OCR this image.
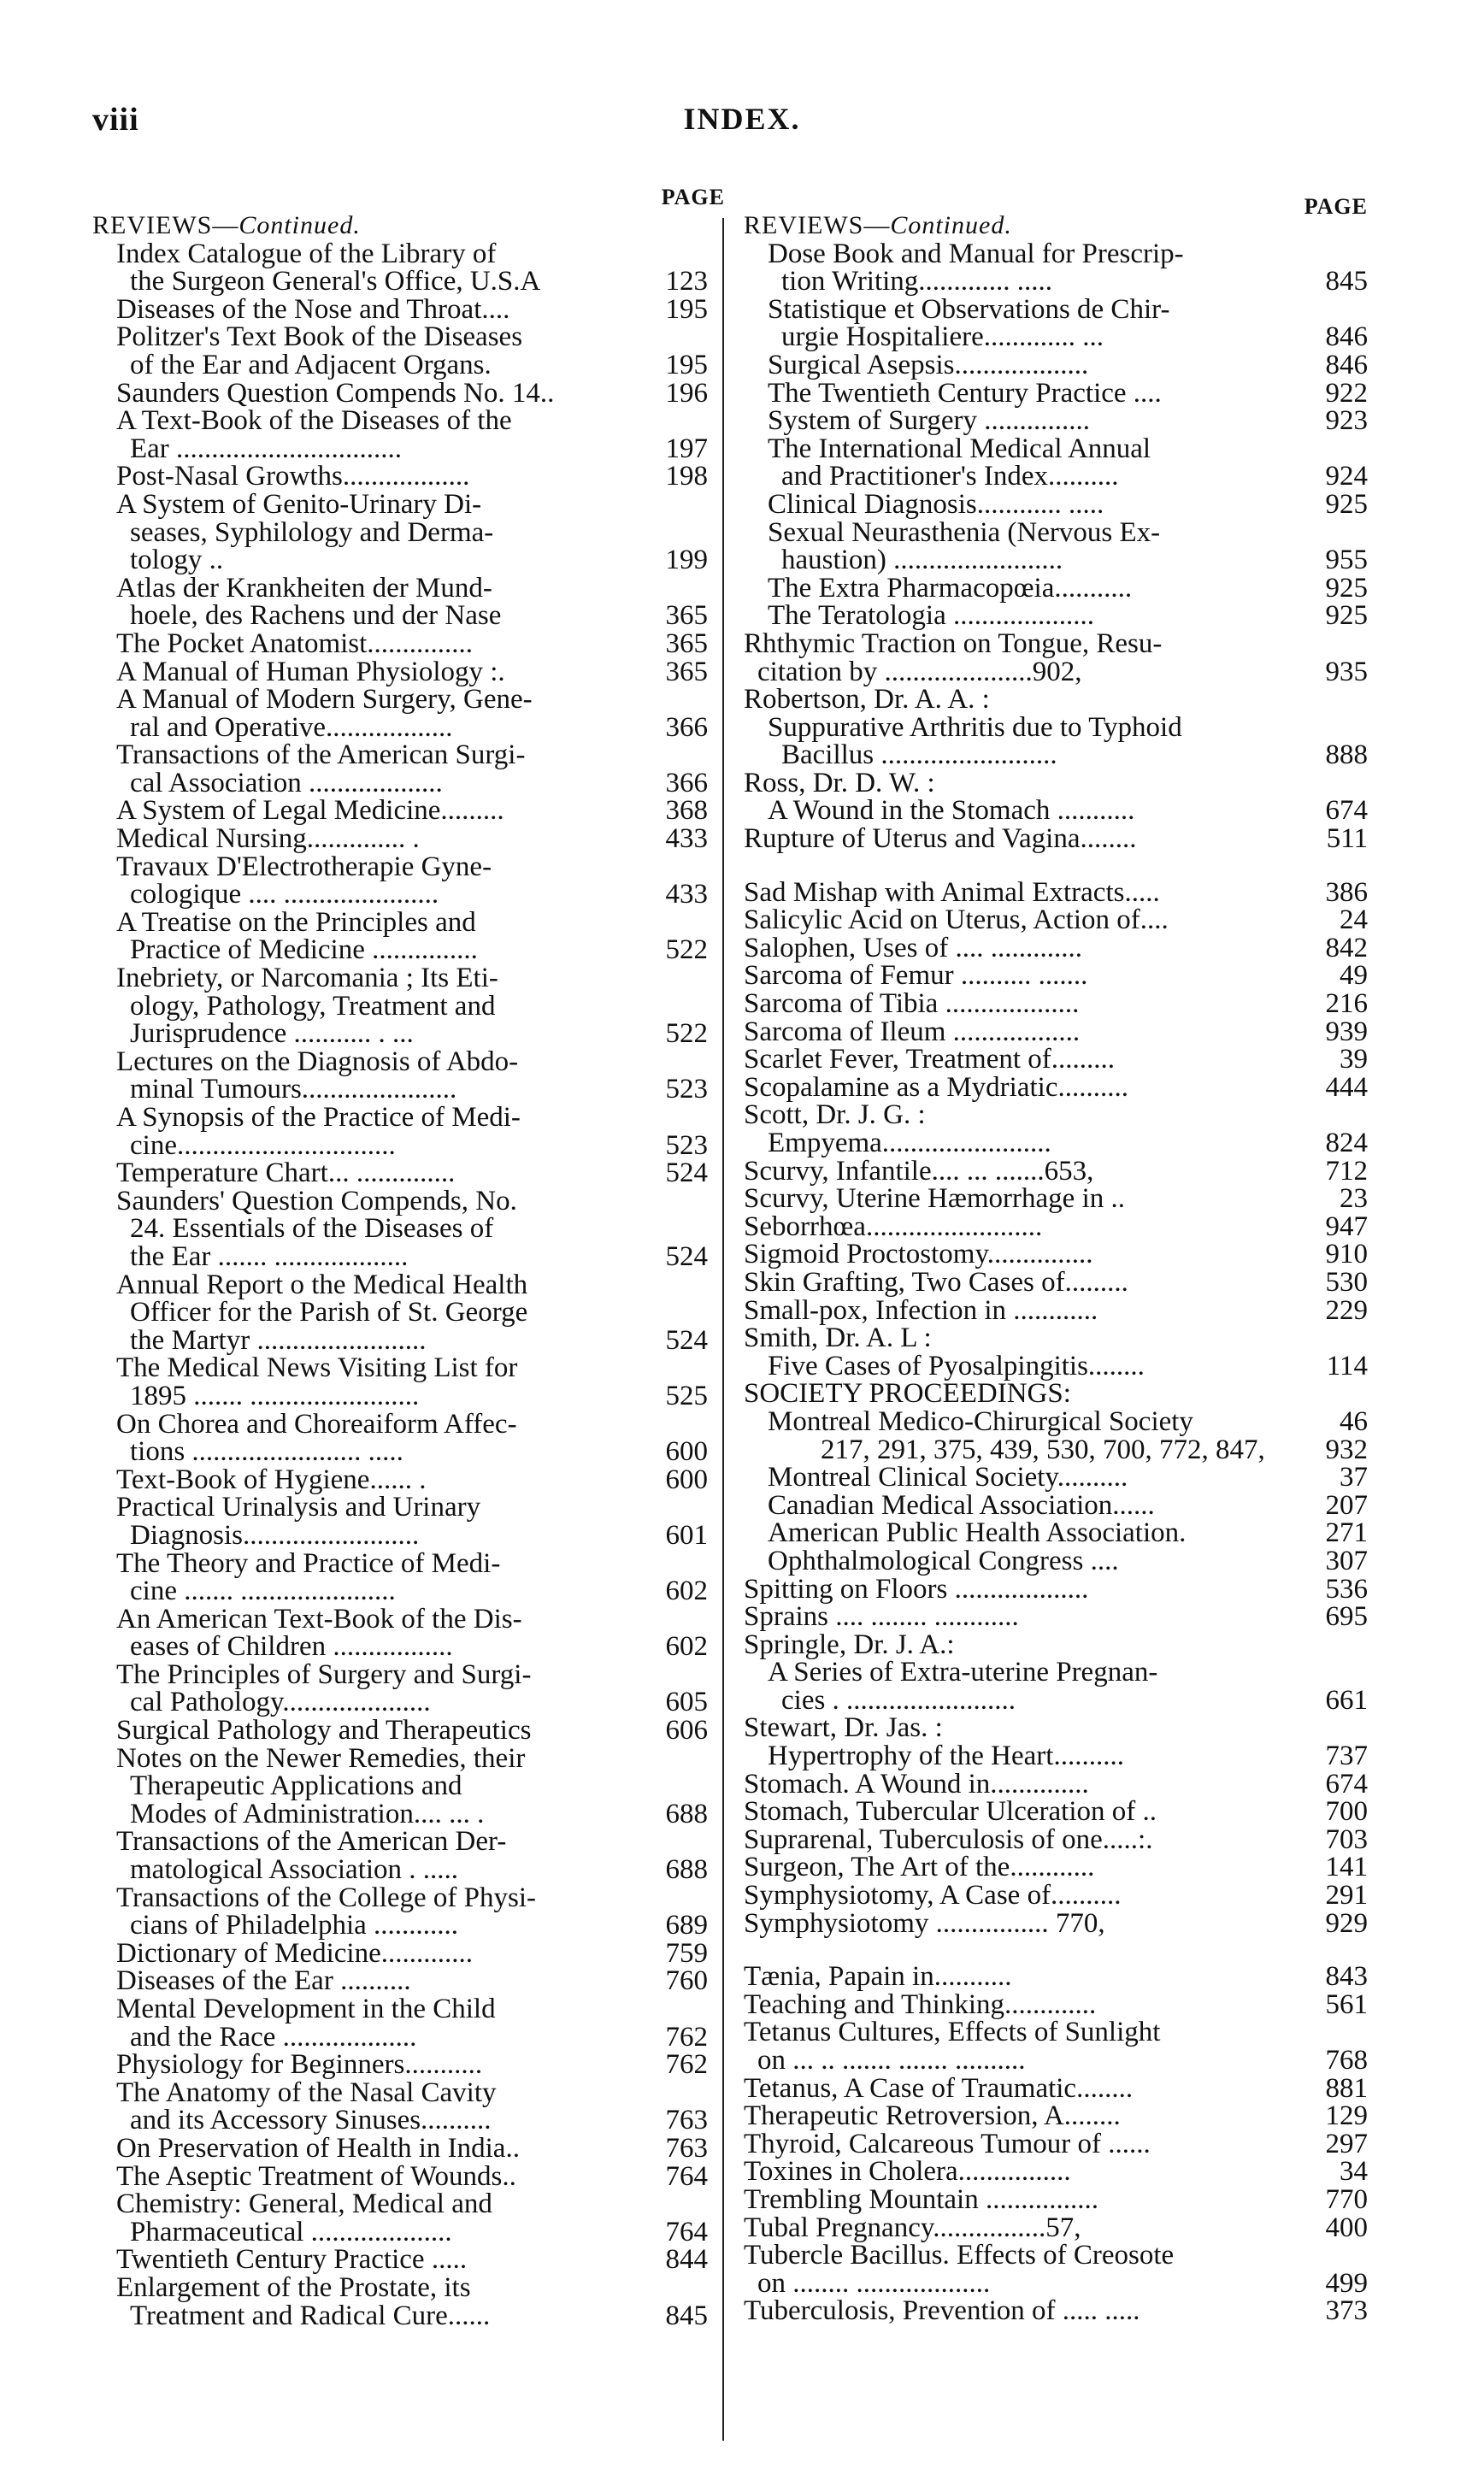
viii	INDEX.
PAGE
REVIEWS—Continued.
Index Catalogue of the Library of
the Surgeon General's Office, U.S.A	123
Diseases of the Nose and Throat....	195
Politzer's Text Book of the Diseases
of the Ear and Adjacent Organs.	195
Saunders Question Compends No. 14..	196
A Text-Book of the Diseases of the
Ear ................................	197
Post-Nasal Growths..................	198
A System of Genito-Urinary Di-
seases, Syphilology and Derma-
tology ..	199
Atlas der Krankheiten der Mund-
hoele, des Rachens und der Nase	365
The Pocket Anatomist...............	365
A Manual of Human Physiology :.	365
A Manual of Modern Surgery, Gene-
ral and Operative..................	366
Transactions of the American Surgi-
cal Association ...................	366
A System of Legal Medicine.........	368
Medical Nursing.............. .	433
Travaux D'Electrotherapie Gyne-
cologique .... ......................	433
A Treatise on the Principles and
Practice of Medicine ...............	522
Inebriety, or Narcomania ; Its Eti-
ology, Pathology, Treatment and
Jurisprudence ........... . ...	522
Lectures on the Diagnosis of Abdo-
minal Tumours......................	523
A Synopsis of the Practice of Medi-
cine...............................	523
Temperature Chart... ..............	524
Saunders' Question Compends, No.
24. Essentials of the Diseases of
the Ear ....... ...................	524
Annual Report o the Medical Health
Officer for the Parish of St. George
the Martyr ........................	524
The Medical News Visiting List for
1895 ....... ........................	525
On Chorea and Choreaiform Affec-
tions ........................ .....	600
Text-Book of Hygiene...... .	600
Practical Urinalysis and Urinary
Diagnosis.........................	601
The Theory and Practice of Medi-
cine ....... ......................	602
An American Text-Book of the Dis-
eases of Children .................	602
The Principles of Surgery and Surgi-
cal Pathology.....................	605
Surgical Pathology and Therapeutics	606
Notes on the Newer Remedies, their
Therapeutic Applications and
Modes of Administration.... ... .	688
Transactions of the American Der-
matological Association . .....	688
Transactions of the College of Physi-
cians of Philadelphia ............	689
Dictionary of Medicine.............	759
Diseases of the Ear ..........	760
Mental Development in the Child
and the Race ...................	762
Physiology for Beginners...........	762
The Anatomy of the Nasal Cavity
and its Accessory Sinuses..........	763
On Preservation of Health in India..	763
The Aseptic Treatment of Wounds..	764
Chemistry: General, Medical and
Pharmaceutical ....................	764
Twentieth Century Practice .....	844
Enlargement of the Prostate, its
Treatment and Radical Cure......	845
PAGE
REVIEWS—Continued.
Dose Book and Manual for Prescrip-
tion Writing............. .....	845
Statistique et Observations de Chir-
urgie Hospitaliere............. ...	846
Surgical Asepsis...................	846
The Twentieth Century Practice ....	922
System of Surgery ...............	923
The International Medical Annual
and Practitioner's Index..........	924
Clinical Diagnosis............ .....	925
Sexual Neurasthenia (Nervous Ex-
haustion) ........................	955
The Extra Pharmacopœia...........	925
The Teratologia ....................	925
Rhthymic Traction on Tongue, Resu-
citation by .....................902,	935
Robertson, Dr. A. A. :
Suppurative Arthritis due to Typhoid
Bacillus .........................	888
Ross, Dr. D. W. :
A Wound in the Stomach ...........	674
Rupture of Uterus and Vagina........	511
Sad Mishap with Animal Extracts.....	386
Salicylic Acid on Uterus, Action of....	24
Salophen, Uses of .... .............	842
Sarcoma of Femur .......... .......	49
Sarcoma of Tibia ...................	216
Sarcoma of Ileum ..................	939
Scarlet Fever, Treatment of.........	39
Scopalamine as a Mydriatic..........	444
Scott, Dr. J. G. :
Empyema........................	824
Scurvy, Infantile.... ... .......653,	712
Scurvy, Uterine Hæmorrhage in ..	23
Seborrhœa.........................	947
Sigmoid Proctostomy...............	910
Skin Grafting, Two Cases of.........	530
Small-pox, Infection in ............	229
Smith, Dr. A. L :
Five Cases of Pyosalpingitis........	114
SOCIETY PROCEEDINGS:
Montreal Medico-Chirurgical Society	46
217, 291, 375, 439, 530, 700, 772, 847,	932
Montreal Clinical Society..........	37
Canadian Medical Association......	207
American Public Health Association.	271
Ophthalmological Congress ....	307
Spitting on Floors ...................	536
Sprains .... ........ ............	695
Springle, Dr. J. A.:
A Series of Extra-uterine Pregnan-
cies . ........................	661
Stewart, Dr. Jas. :
Hypertrophy of the Heart..........	737
Stomach. A Wound in..............	674
Stomach, Tubercular Ulceration of ..	700
Suprarenal, Tuberculosis of one.....:.	703
Surgeon, The Art of the............	141
Symphysiotomy, A Case of..........	291
Symphysiotomy ................ 770,	929
Tænia, Papain in...........	843
Teaching and Thinking.............	561
Tetanus Cultures, Effects of Sunlight
on ... .. ....... ....... ..........	768
Tetanus, A Case of Traumatic........	881
Therapeutic Retroversion, A........	129
Thyroid, Calcareous Tumour of ......	297
Toxines in Cholera................	34
Trembling Mountain ................	770
Tubal Pregnancy................57,	400
Tubercle Bacillus. Effects of Creosote
on ........ ...................	499
Tuberculosis, Prevention of ..... .....	373
